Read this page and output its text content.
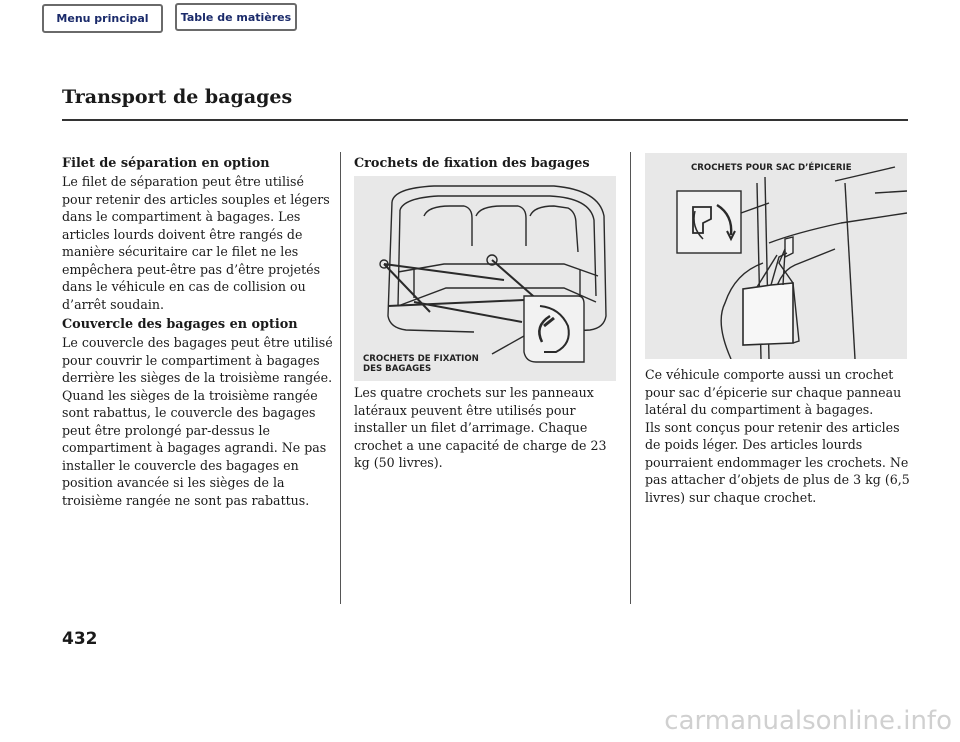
Menu principal	Table de matières
Transport de bagages
Filet de séparation en option

Le filet de séparation peut être utilisé pour retenir des articles souples et légers dans le compartiment à bagages. Les articles lourds doivent être rangés de manière sécuritaire car le filet ne les empêchera peut-être pas d’être projetés dans le véhicule en cas de collision ou d’arrêt soudain.

Couvercle des bagages en option

Le couvercle des bagages peut être utilisé pour couvrir le compartiment à bagages derrière les sièges de la troisième rangée. Quand les sièges de la troisième rangée sont rabattus, le couvercle des bagages peut être prolongé par-dessus le compartiment à bagages agrandi. Ne pas installer le couvercle des bagages en position avancée si les sièges de la troisième rangée ne sont pas rabattus.

Crochets de fixation des bagages
CROCHETS DE FIXATION
DES BAGAGES

Les quatre crochets sur les panneaux latéraux peuvent être utilisés pour installer un filet d’arrimage. Chaque crochet a une capacité de charge de 23 kg (50 livres).

CROCHETS POUR SAC D’ÉPICERIE

Ce véhicule comporte aussi un crochet pour sac d’épicerie sur chaque panneau latéral du compartiment à bagages.

Ils sont conçus pour retenir des articles de poids léger. Des articles lourds pourraient endommager les crochets. Ne pas attacher d’objets de plus de 3 kg (6,5 livres) sur chaque crochet.

432
carmanualsonline.info
